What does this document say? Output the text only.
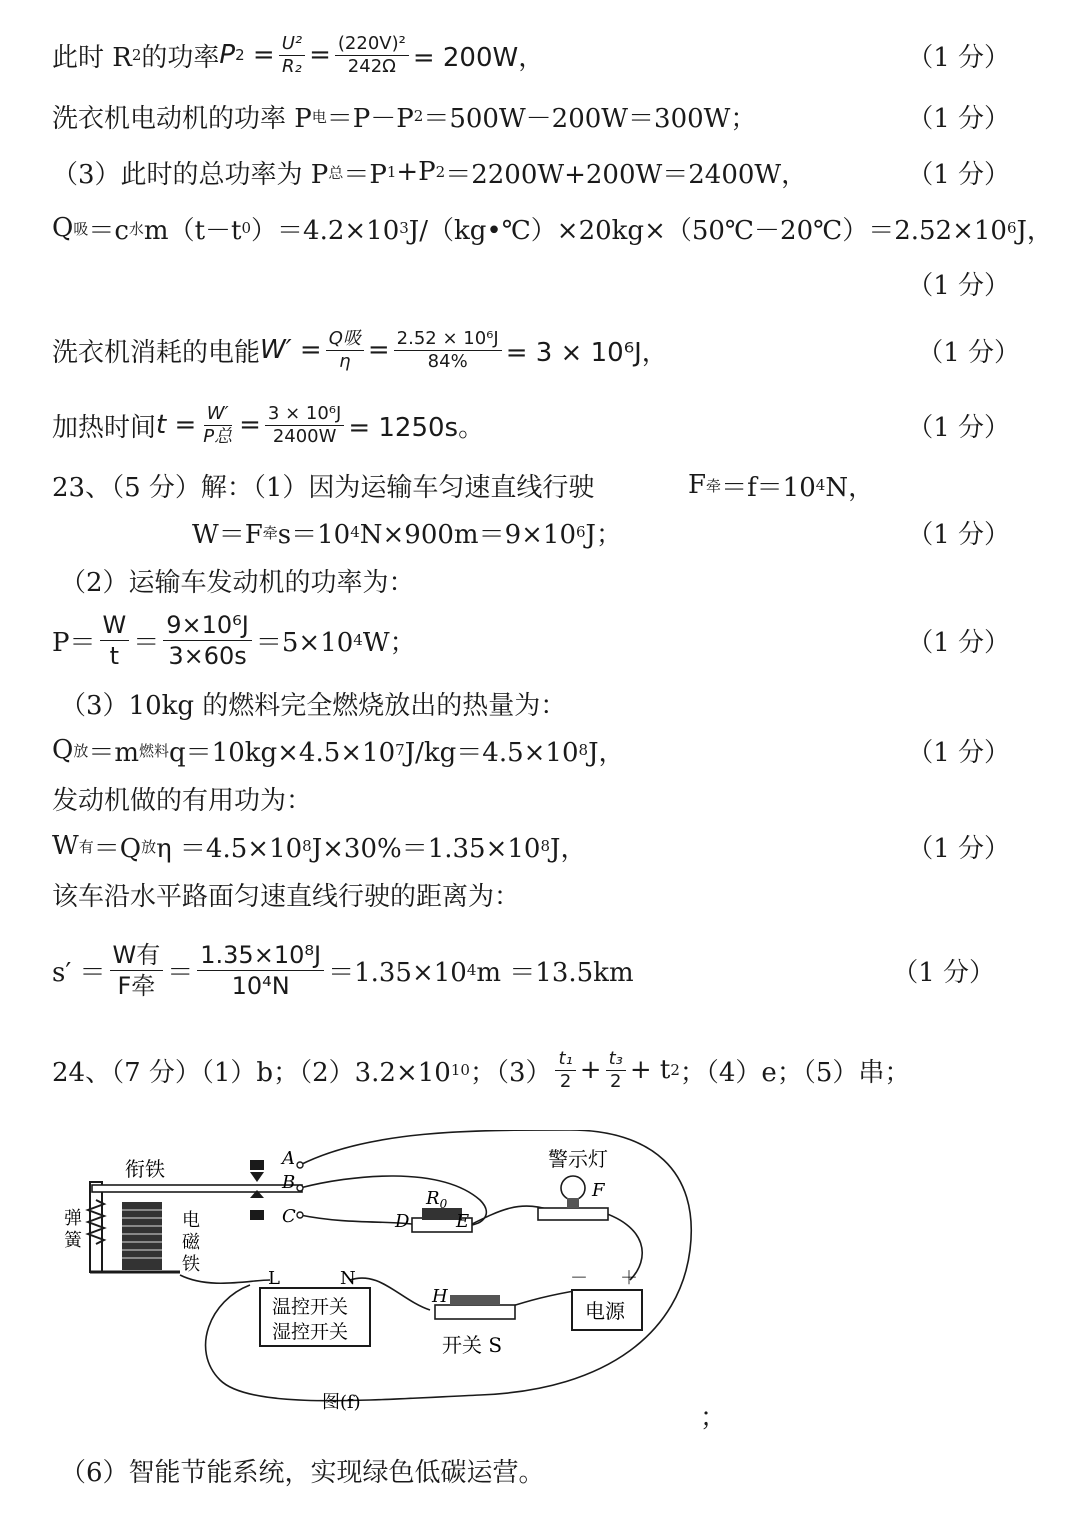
此时 R 2 的功率 P $2 = \frac{\text{U²}}{\text{R₂}} = \frac{\text{(220V)²}}{242\Omega} = 200W$，	（1 分）
洗衣机电动机的功率 P 电 ＝P－P 2 ＝500W－200W＝300W；	（1 分）
（3）此时的总功率为 P 总 ＝P 1 +P 2 ＝2200W+200W＝2400W，	（1 分）
Q 吸 ＝c 水 m（t－t 0 ）＝4.2×10 3 J/（kg•℃）×20kg×（50℃－20℃）＝2.52×10 6 J，
（1 分）
洗衣机消耗的电能 $W' = \frac{\text{Q吸}}{\eta} = \frac{\text{2.52 × 10⁶J}}{84\%} = 3 \times 10^6J$，	（1 分）
加热时间 $t = \frac{W'}{\text{P总}} = \frac{\text{3 × 10⁶J}}{2400W} = 1250s$。	（1 分）
23、（5 分）解：（1）因为运输车匀速直线行驶	F 牵 ＝f＝10 4 N，
W＝F 牵 s＝10 4 N×900m＝9×10 6 J；	（1 分）
（2）运输车发动机的功率为：
$P= \frac{W}{t} = \frac{\text{9×10⁶J}}{3\times 60s} =5\times 10$ 4 W；	（1 分）
（3）10kg 的燃料完全燃烧放出的热量为：
Q 放 ＝m 燃料 q＝10kg×4.5×10 7 J/kg＝4.5×10 8 J，	（1 分）
发动机做的有用功为：
W 有 ＝Q 放 η ＝4.5×10 8 J×30%＝1.35×10 8 J，	（1 分）
该车沿水平路面匀速直线行驶的距离为：
$s' = \frac{\text{W有}}{\text{F牵}} = \frac{\text{1.35×10⁸J}}{\text{10⁴N}} =1.35\times 10$ 4 m ＝13.5km	（1 分）
24、（7 分）（1）b；（2）3.2×10 10 ；$(3) \frac{\text{t₁}}{2} + \frac{\text{t₃}}{2} + t$ 2 ；（4）e；（5）串；
衔铁
弹
簧
电
磁
铁
A
B
C
$R_0$
D	E
警示灯
F
L	N
温控开关
湿控开关
H
开关 S
－ ＋
电源
图(f)	；
（6）智能节能系统，实现绿色低碳运营。
